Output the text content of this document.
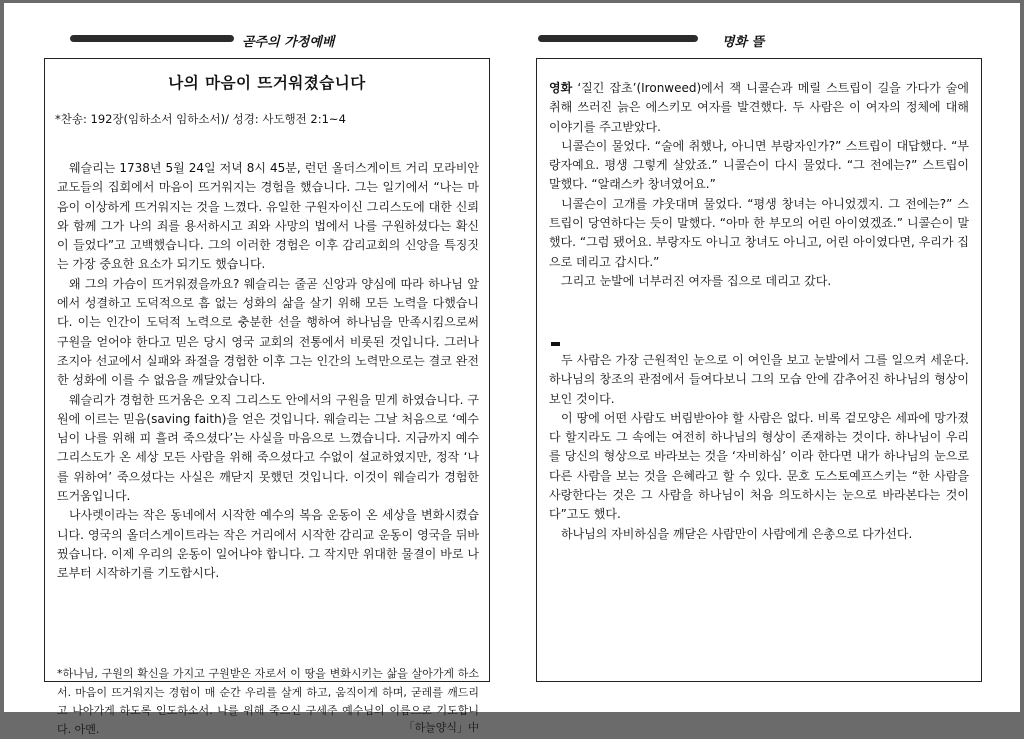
곧주의 가정예배	명화 뜰
나의 마음이 뜨거워졌습니다
*찬송: 192장(임하소서 임하소서)/ 성경: 사도행전 2:1~4

웨슬리는 1738년 5월 24일 저녁 8시 45분, 런던 올더스게이트 거리 모라비안 교도들의 집회에서 마음이 뜨거워지는 경험을 했습니다. 그는 일기에서 “나는 마음이 이상하게 뜨거워지는 것을 느꼈다. 유일한 구원자이신 그리스도에 대한 신뢰와 함께 그가 나의 죄를 용서하시고 죄와 사망의 법에서 나를 구원하셨다는 확신이 들었다”고 고백했습니다. 그의 이러한 경험은 이후 감리교회의 신앙을 특징짓는 가장 중요한 요소가 되기도 했습니다.

왜 그의 가슴이 뜨거워졌을까요? 웨슬리는 줄곧 신앙과 양심에 따라 하나님 앞에서 성결하고 도덕적으로 흠 없는 성화의 삶을 살기 위해 모든 노력을 다했습니다. 이는 인간이 도덕적 노력으로 충분한 선을 행하여 하나님을 만족시킴으로써 구원을 얻어야 한다고 믿은 당시 영국 교회의 전통에서 비롯된 것입니다. 그러나 조지아 선교에서 실패와 좌절을 경험한 이후 그는 인간의 노력만으로는 결코 완전한 성화에 이를 수 없음을 깨달았습니다.

웨슬리가 경험한 뜨거움은 오직 그리스도 안에서의 구원을 믿게 하였습니다. 구원에 이르는 믿음(saving faith)을 얻은 것입니다. 웨슬리는 그날 처음으로 ‘예수님이 나를 위해 피 흘려 죽으셨다’는 사실을 마음으로 느꼈습니다. 지금까지 예수 그리스도가 온 세상 모든 사람을 위해 죽으셨다고 수없이 설교하였지만, 정작 ‘나를 위하여’ 죽으셨다는 사실은 깨닫지 못했던 것입니다. 이것이 웨슬리가 경험한 뜨거움입니다.

나사렛이라는 작은 동네에서 시작한 예수의 복음 운동이 온 세상을 변화시켰습니다. 영국의 올더스게이트라는 작은 거리에서 시작한 감리교 운동이 영국을 뒤바꿨습니다. 이제 우리의 운동이 일어나야 합니다. 그 작지만 위대한 물결이 바로 나로부터 시작하기를 기도합시다.

*하나님, 구원의 확신을 가지고 구원받은 자로서 이 땅을 변화시키는 삶을 살아가게 하소서. 마음이 뜨거워지는 경험이 매 순간 우리를 살게 하고, 움직이게 하며, 굳레를 깨드리고 나아가게 하도록 인도하소서. 나를 위해 죽으신 구세주 예수님의 이름으로 기도합니다. 아멘.	「하늘양식」中

영화 ‘질긴 잡초’(Ironweed)에서 잭 니콜슨과 메릴 스트립이 길을 가다가 술에 취해 쓰러진 늙은 에스키모 여자를 발견했다. 두 사람은 이 여자의 정체에 대해 이야기를 주고받았다.

니콜슨이 물었다. “술에 취했나, 아니면 부랑자인가?” 스트립이 대답했다. “부랑자예요. 평생 그렇게 살았죠.” 니콜슨이 다시 물었다. “그 전에는?” 스트립이 말했다. “알래스카 창녀였어요.”

니콜슨이 고개를 갸웃대며 물었다. “평생 창녀는 아니었겠지. 그 전에는?” 스트립이 당연하다는 듯이 말했다. “아마 한 부모의 어린 아이였겠죠.” 니콜슨이 말했다. “그럼 됐어요. 부랑자도 아니고 창녀도 아니고, 어린 아이였다면, 우리가 집으로 데리고 갑시다.”

그리고 눈발에 너부러진 여자를 집으로 데리고 갔다.

두 사람은 가장 근원적인 눈으로 이 여인을 보고 눈발에서 그를 일으켜 세운다. 하나님의 창조의 관점에서 들여다보니 그의 모습 안에 감추어진 하나님의 형상이 보인 것이다.

이 땅에 어떤 사람도 버림받아야 할 사람은 없다. 비록 겉모양은 세파에 망가졌다 할지라도 그 속에는 여전히 하나님의 형상이 존재하는 것이다. 하나님이 우리를 당신의 형상으로 바라보는 것을 ‘자비하심’ 이라 한다면 내가 하나님의 눈으로 다른 사람을 보는 것을 은혜라고 할 수 있다. 문호 도스토예프스키는 “한 사람을 사랑한다는 것은 그 사람을 하나님이 처음 의도하시는 눈으로 바라본다는 것이다”고도 했다.

하나님의 자비하심을 깨닫은 사람만이 사람에게 은총으로 다가선다.
